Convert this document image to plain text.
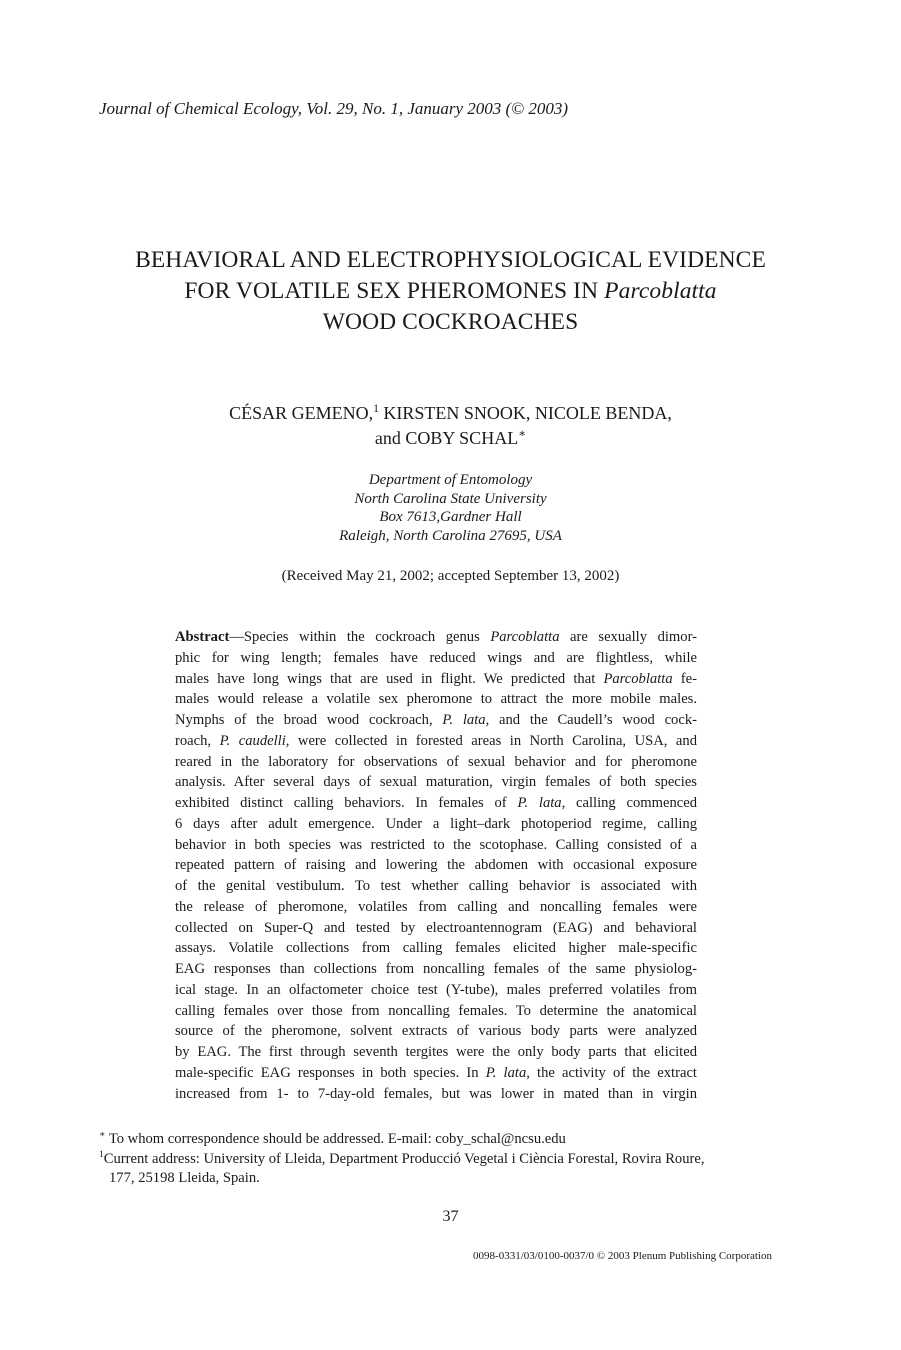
Journal of Chemical Ecology, Vol. 29, No. 1, January 2003 (© 2003)
BEHAVIORAL AND ELECTROPHYSIOLOGICAL EVIDENCE
FOR VOLATILE SEX PHEROMONES IN Parcoblatta
WOOD COCKROACHES
CÉSAR GEMENO,$^1$ KIRSTEN SNOOK, NICOLE BENDA,
and COBY SCHAL∗
Department of Entomology
North Carolina State University
Box 7613,Gardner Hall
Raleigh, North Carolina 27695, USA
(Received May 21, 2002; accepted September 13, 2002)
Abstract—Species within the cockroach genus Parcoblatta are sexually dimor-
phic for wing length; females have reduced wings and are flightless, while
males have long wings that are used in flight. We predicted that Parcoblatta fe-
males would release a volatile sex pheromone to attract the more mobile males.
Nymphs of the broad wood cockroach, P. lata, and the Caudell’s wood cock-
roach, P. caudelli, were collected in forested areas in North Carolina, USA, and
reared in the laboratory for observations of sexual behavior and for pheromone
analysis. After several days of sexual maturation, virgin females of both species
exhibited distinct calling behaviors. In females of P. lata, calling commenced
6 days after adult emergence. Under a light–dark photoperiod regime, calling
behavior in both species was restricted to the scotophase. Calling consisted of a
repeated pattern of raising and lowering the abdomen with occasional exposure
of the genital vestibulum. To test whether calling behavior is associated with
the release of pheromone, volatiles from calling and noncalling females were
collected on Super-Q and tested by electroantennogram (EAG) and behavioral
assays. Volatile collections from calling females elicited higher male-specific
EAG responses than collections from noncalling females of the same physiolog-
ical stage. In an olfactometer choice test (Y-tube), males preferred volatiles from
calling females over those from noncalling females. To determine the anatomical
source of the pheromone, solvent extracts of various body parts were analyzed
by EAG. The first through seventh tergites were the only body parts that elicited
male-specific EAG responses in both species. In P. lata, the activity of the extract
increased from 1- to 7-day-old females, but was lower in mated than in virgin
∗ To whom correspondence should be addressed. E-mail: coby_schal@ncsu.edu
$^1$Current address: University of Lleida, Department Producció Vegetal i Ciència Forestal, Rovira Roure,
177, 25198 Lleida, Spain.
37
0098-0331/03/0100-0037/0 © 2003 Plenum Publishing Corporation
